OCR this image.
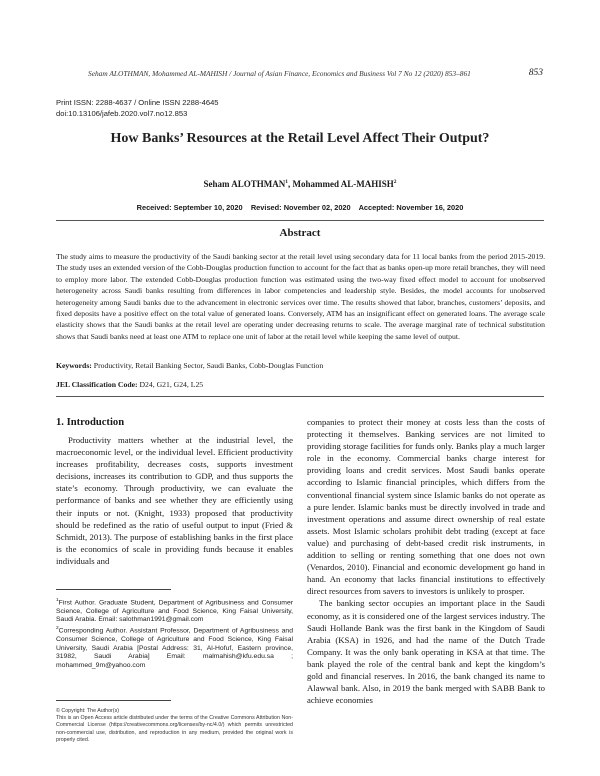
Seham ALOTHMAN, Mohammed AL-MAHISH / Journal of Asian Finance, Economics and Business Vol 7 No 12 (2020) 853–861	853
Print ISSN: 2288-4637 / Online ISSN 2288-4645
doi:10.13106/jafeb.2020.vol7.no12.853
How Banks’ Resources at the Retail Level Affect Their Output?
Seham ALOTHMAN$^1$, Mohammed AL-MAHISH$^2$
Received: September 10, 2020    Revised: November 02, 2020    Accepted: November 16, 2020
Abstract
The study aims to measure the productivity of the Saudi banking sector at the retail level using secondary data for 11 local banks from the period 2015-2019. The study uses an extended version of the Cobb-Douglas production function to account for the fact that as banks open-up more retail branches, they will need to employ more labor. The extended Cobb-Douglas production function was estimated using the two-way fixed effect model to account for unobserved heterogeneity across Saudi banks resulting from differences in labor competencies and leadership style. Besides, the model accounts for unobserved heterogeneity among Saudi banks due to the advancement in electronic services over time. The results showed that labor, branches, customers’ deposits, and fixed deposits have a positive effect on the total value of generated loans. Conversely, ATM has an insignificant effect on generated loans. The average scale elasticity shows that the Saudi banks at the retail level are operating under decreasing returns to scale. The average marginal rate of technical substitution shows that Saudi banks need at least one ATM to replace one unit of labor at the retail level while keeping the same level of output.
Keywords: Productivity, Retail Banking Sector, Saudi Banks, Cobb-Douglas Function
JEL Classification Code: D24, G21, G24, L25
1. Introduction

Productivity matters whether at the industrial level, the macroeconomic level, or the individual level. Efficient productivity increases profitability, decreases costs, supports investment decisions, increases its contribution to GDP, and thus supports the state’s economy. Through productivity, we can evaluate the performance of banks and see whether they are efficiently using their inputs or not. (Knight, 1933) proposed that productivity should be redefined as the ratio of useful output to input (Fried & Schmidt, 2013). The purpose of establishing banks in the first place is the economics of scale in providing funds because it enables individuals and

companies to protect their money at costs less than the costs of protecting it themselves. Banking services are not limited to providing storage facilities for funds only. Banks play a much larger role in the economy. Commercial banks charge interest for providing loans and credit services. Most Saudi banks operate according to Islamic financial principles, which differs from the conventional financial system since Islamic banks do not operate as a pure lender. Islamic banks must be directly involved in trade and investment operations and assume direct ownership of real estate assets. Most Islamic scholars prohibit debt trading (except at face value) and purchasing of debt-based credit risk instruments, in addition to selling or renting something that one does not own (Venardos, 2010). Financial and economic development go hand in hand. An economy that lacks financial institutions to effectively direct resources from savers to investors is unlikely to prosper.

The banking sector occupies an important place in the Saudi economy, as it is considered one of the largest services industry. The Saudi Hollande Bank was the first bank in the Kingdom of Saudi Arabia (KSA) in 1926, and had the name of the Dutch Trade Company. It was the only bank operating in KSA at that time. The bank played the role of the central bank and kept the kingdom’s gold and financial reserves. In 2016, the bank changed its name to Alawwal bank. Also, in 2019 the bank merged with SABB Bank to achieve economies

$^1$First Author. Graduate Student, Department of Agribusiness and Consumer Science, College of Agriculture and Food Science, King Faisal University, Saudi Arabia. Email: salothman1991@gmail.com

$^2$Corresponding Author. Assistant Professor, Department of Agribusiness and Consumer Science, College of Agriculture and Food Science, King Faisal University, Saudi Arabia [Postal Address: 31, Al-Hofuf, Eastern province, 31982, Saudi Arabia] Email: malmahish@kfu.edu.sa ; mohammed_9m@yahoo.com

© Copyright: The Author(s)
This is an Open Access article distributed under the terms of the Creative Commons Attribution Non-Commercial License (https://creativecommons.org/licenses/by-nc/4.0/) which permits unrestricted non-commercial use, distribution, and reproduction in any medium, provided the original work is properly cited.
